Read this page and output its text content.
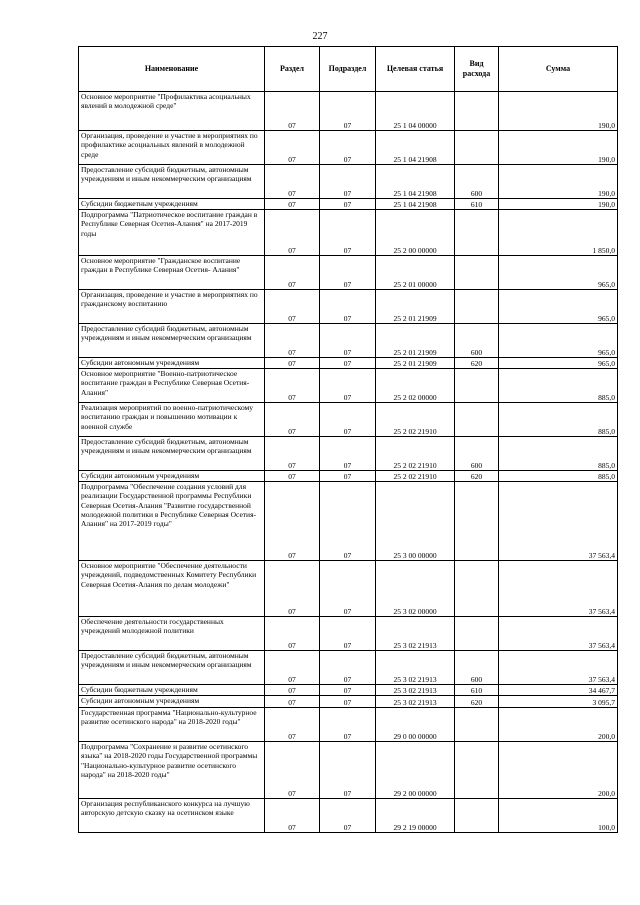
227
Наименование	Раздел	Подраздел	Целевая статья	Вид расхода	Сумма
Основное мероприятие "Профилактика асоциальных явлений в молодежной среде"	07	07	25 1 04 00000		190,0
Организация, проведение и участие в мероприятиях по профилактике асоциальных явлений в молодежной среде	07	07	25 1 04 21908		190,0
Предоставление субсидий бюджетным, автономным учреждениям и иным некоммерческим организациям	07	07	25 1 04 21908	600	190,0
Субсидии бюджетным учреждениям	07	07	25 1 04 21908	610	190,0
Подпрограмма "Патриотическое воспитание граждан в Республике Северная Осетия-Алания" на 2017-2019 годы	07	07	25 2 00 00000		1 850,0
Основное мероприятие "Гражданское воспитание граждан в Республике Северная Осетия- Алания"	07	07	25 2 01 00000		965,0
Организация, проведение и участие в мероприятиях по гражданскому воспитанию	07	07	25 2 01 21909		965,0
Предоставление субсидий бюджетным, автономным учреждениям и иным некоммерческим организациям	07	07	25 2 01 21909	600	965,0
Субсидии автономным учреждениям	07	07	25 2 01 21909	620	965,0
Основное мероприятие "Военно-патриотическое воспитание граждан в Республике Северная Осетия- Алания"	07	07	25 2 02 00000		885,0
Реализация мероприятий по военно-патриотическому воспитанию граждан и повышению мотивации к военной службе	07	07	25 2 02 21910		885,0
Предоставление субсидий бюджетным, автономным учреждениям и иным некоммерческим организациям	07	07	25 2 02 21910	600	885,0
Субсидии автономным учреждениям	07	07	25 2 02 21910	620	885,0
Подпрограмма "Обеспечение создания условий для реализации Государственной программы Республики Северная Осетия-Алания "Развитие государственной молодежной политики в Республике Северная Осетия-Алания" на 2017-2019 годы"	07	07	25 3 00 00000		37 563,4
Основное мероприятие "Обеспечение деятельности учреждений, подведомственных Комитету Республики Северная Осетия-Алания по делам молодежи"	07	07	25 3 02 00000		37 563,4
Обеспечение деятельности государственных учреждений молодежной политики	07	07	25 3 02 21913		37 563,4
Предоставление субсидий бюджетным, автономным учреждениям и иным некоммерческим организациям	07	07	25 3 02 21913	600	37 563,4
Субсидии бюджетным учреждениям	07	07	25 3 02 21913	610	34 467,7
Субсидии автономным учреждениям	07	07	25 3 02 21913	620	3 095,7
Государственная программа "Национально-культурное развитие осетинского народа" на 2018-2020 годы"	07	07	29 0 00 00000		200,0
Подпрограмма "Сохранение и развитие осетинского языка" на 2018-2020 годы Государственной программы "Национально-культурное развитие осетинского народа" на 2018-2020 годы"	07	07	29 2 00 00000		200,0
Организация республиканского конкурса на лучшую авторскую детскую сказку на осетинском языке	07	07	29 2 19 00000		100,0
